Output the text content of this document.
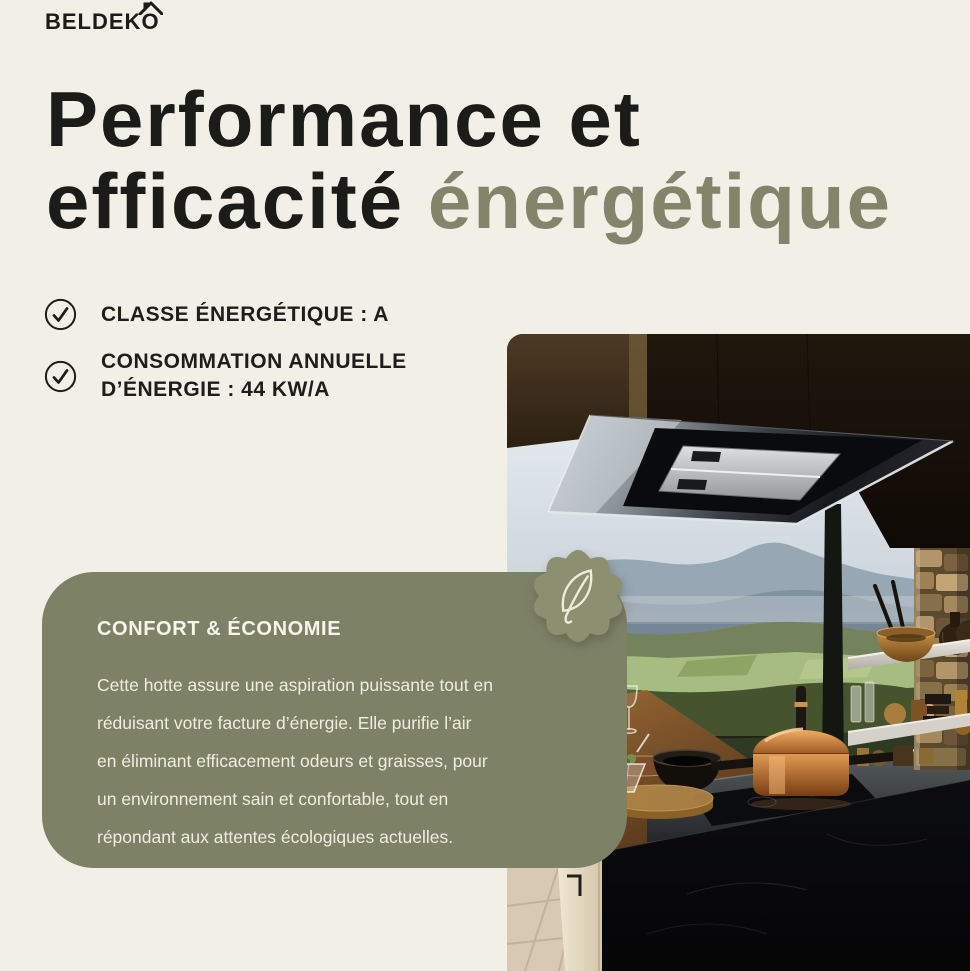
BELDEKO
Performance et
efficacité énergétique
CLASSE ÉNERGÉTIQUE : A
CONSOMMATION ANNUELLE
D’ÉNERGIE : 44 KW/A
CONFORT & ÉCONOMIE
Cette hotte assure une aspiration puissante tout en
réduisant votre facture d’énergie. Elle purifie l’air
en éliminant efficacement odeurs et graisses, pour
un environnement sain et confortable, tout en
répondant aux attentes écologiques actuelles.
